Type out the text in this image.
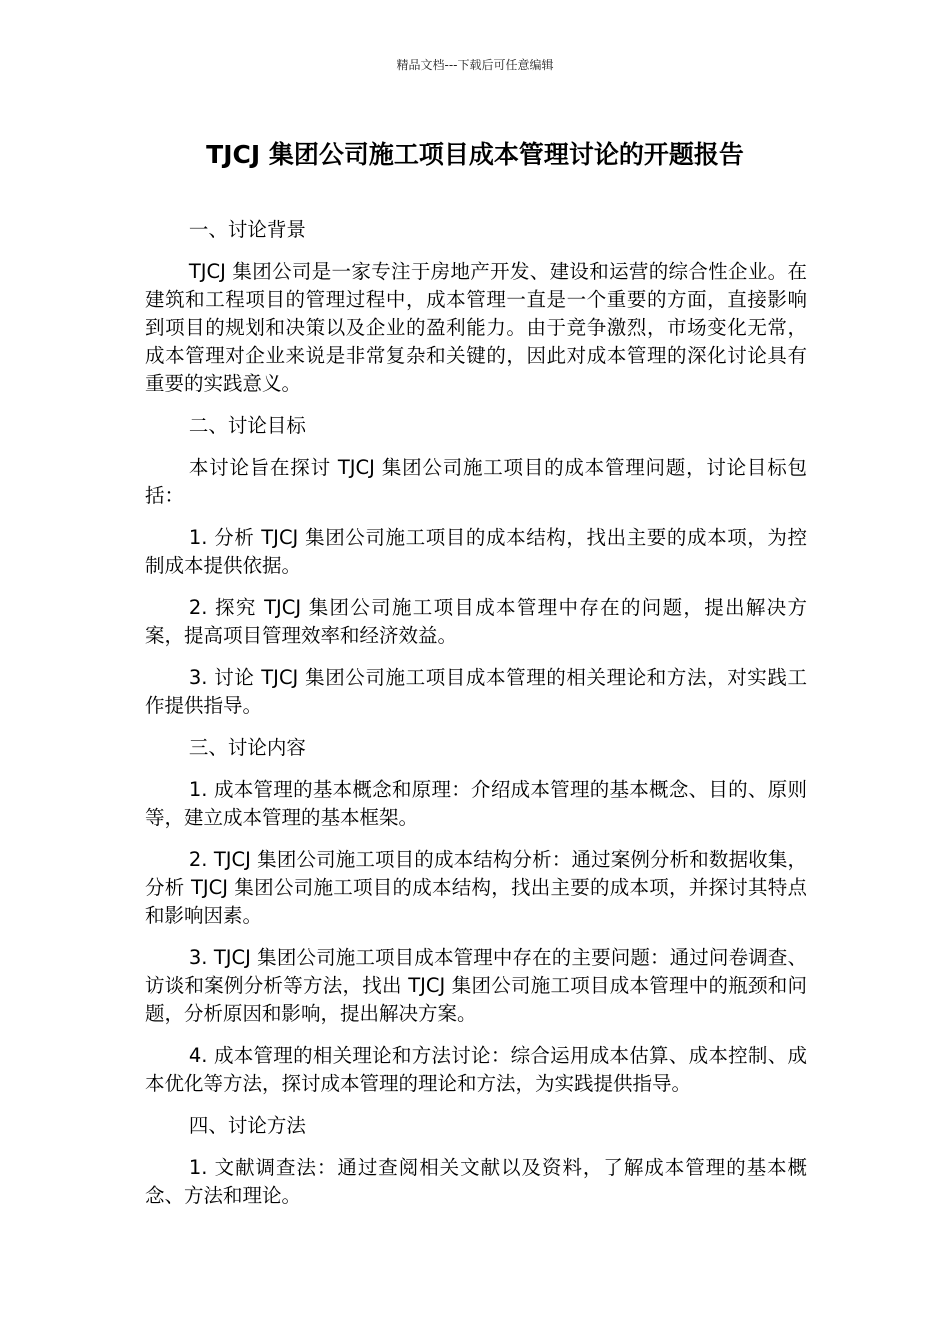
精品文档---下载后可任意编辑
TJCJ 集团公司施工项目成本管理讨论的开题报告

一、讨论背景

TJCJ 集团公司是一家专注于房地产开发、建设和运营的综合性企业。在建筑和工程项目的管理过程中，成本管理一直是一个重要的方面，直接影响到项目的规划和决策以及企业的盈利能力。由于竞争激烈，市场变化无常，成本管理对企业来说是非常复杂和关键的，因此对成本管理的深化讨论具有重要的实践意义。

二、讨论目标

本讨论旨在探讨 TJCJ 集团公司施工项目的成本管理问题，讨论目标包括：

1. 分析 TJCJ 集团公司施工项目的成本结构，找出主要的成本项，为控制成本提供依据。

2. 探究 TJCJ 集团公司施工项目成本管理中存在的问题，提出解决方案，提高项目管理效率和经济效益。

3. 讨论 TJCJ 集团公司施工项目成本管理的相关理论和方法，对实践工作提供指导。

三、讨论内容

1. 成本管理的基本概念和原理：介绍成本管理的基本概念、目的、原则等，建立成本管理的基本框架。

2. TJCJ 集团公司施工项目的成本结构分析：通过案例分析和数据收集，分析 TJCJ 集团公司施工项目的成本结构，找出主要的成本项，并探讨其特点和影响因素。

3. TJCJ 集团公司施工项目成本管理中存在的主要问题：通过问卷调查、访谈和案例分析等方法，找出 TJCJ 集团公司施工项目成本管理中的瓶颈和问题，分析原因和影响，提出解决方案。

4. 成本管理的相关理论和方法讨论：综合运用成本估算、成本控制、成本优化等方法，探讨成本管理的理论和方法，为实践提供指导。

四、讨论方法

1. 文献调查法：通过查阅相关文献以及资料，了解成本管理的基本概念、方法和理论。
